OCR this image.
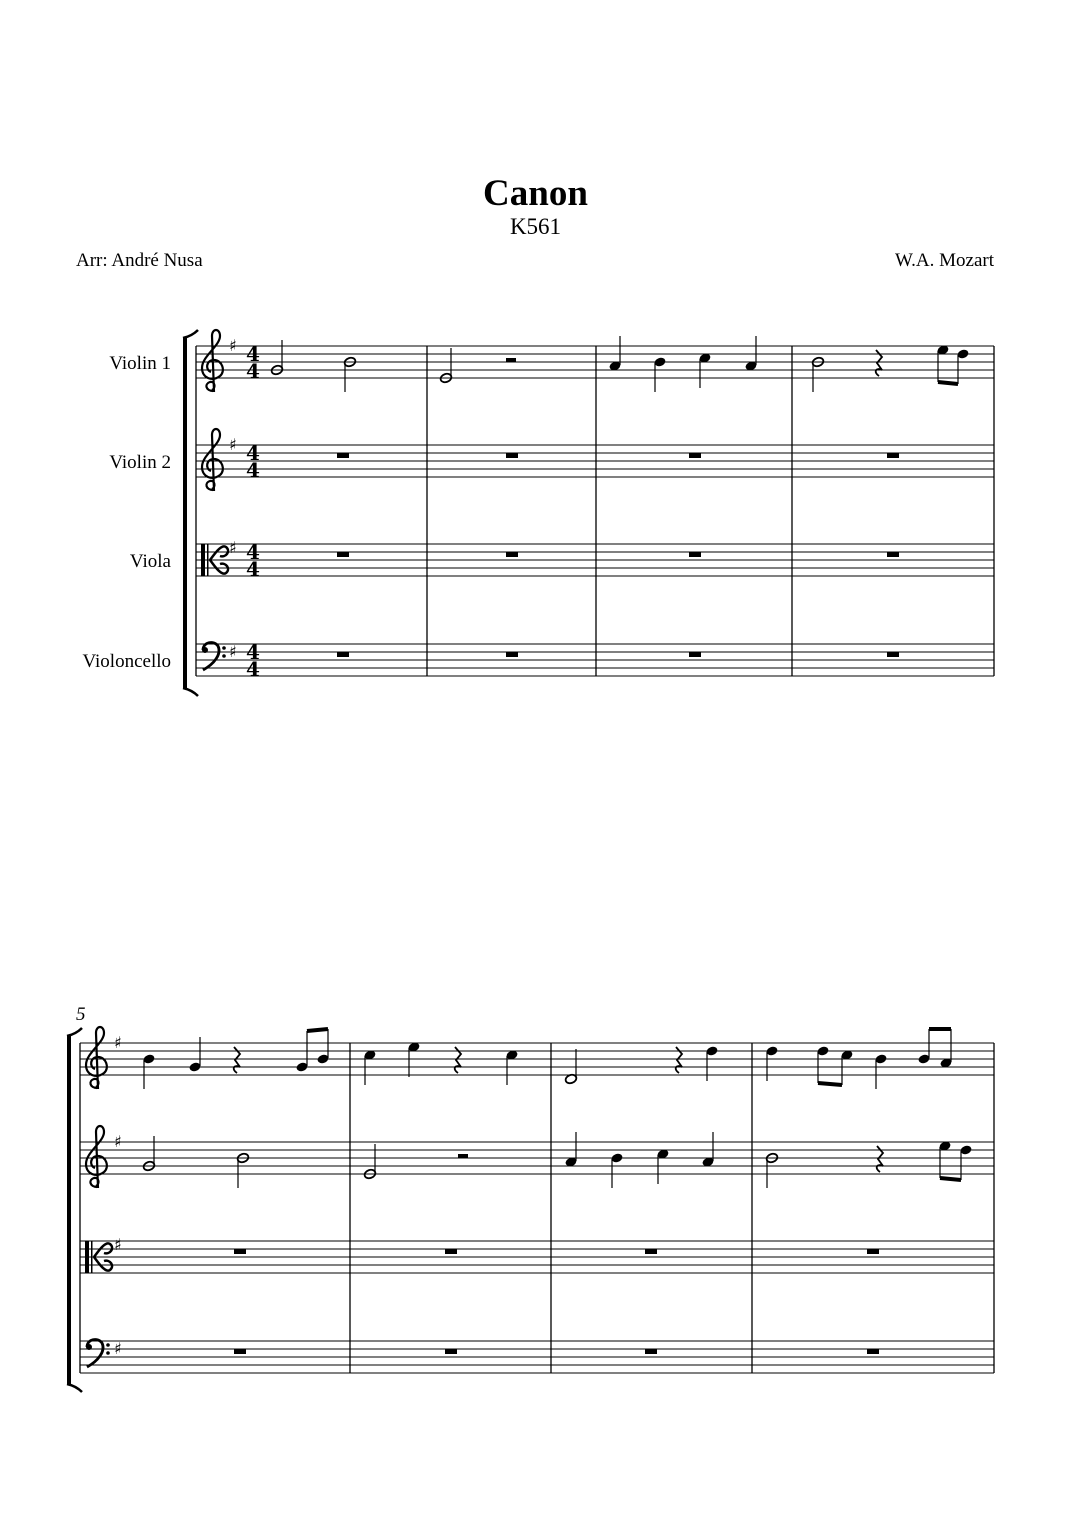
Canon
K561
Arr: André Nusa	W.A. Mozart
Violin 1
Violin 2
Viola
Violoncello
♯
♯
♯
♯
4
4
4
4
4
4
4
4
5
♯
♯
♯
♯
